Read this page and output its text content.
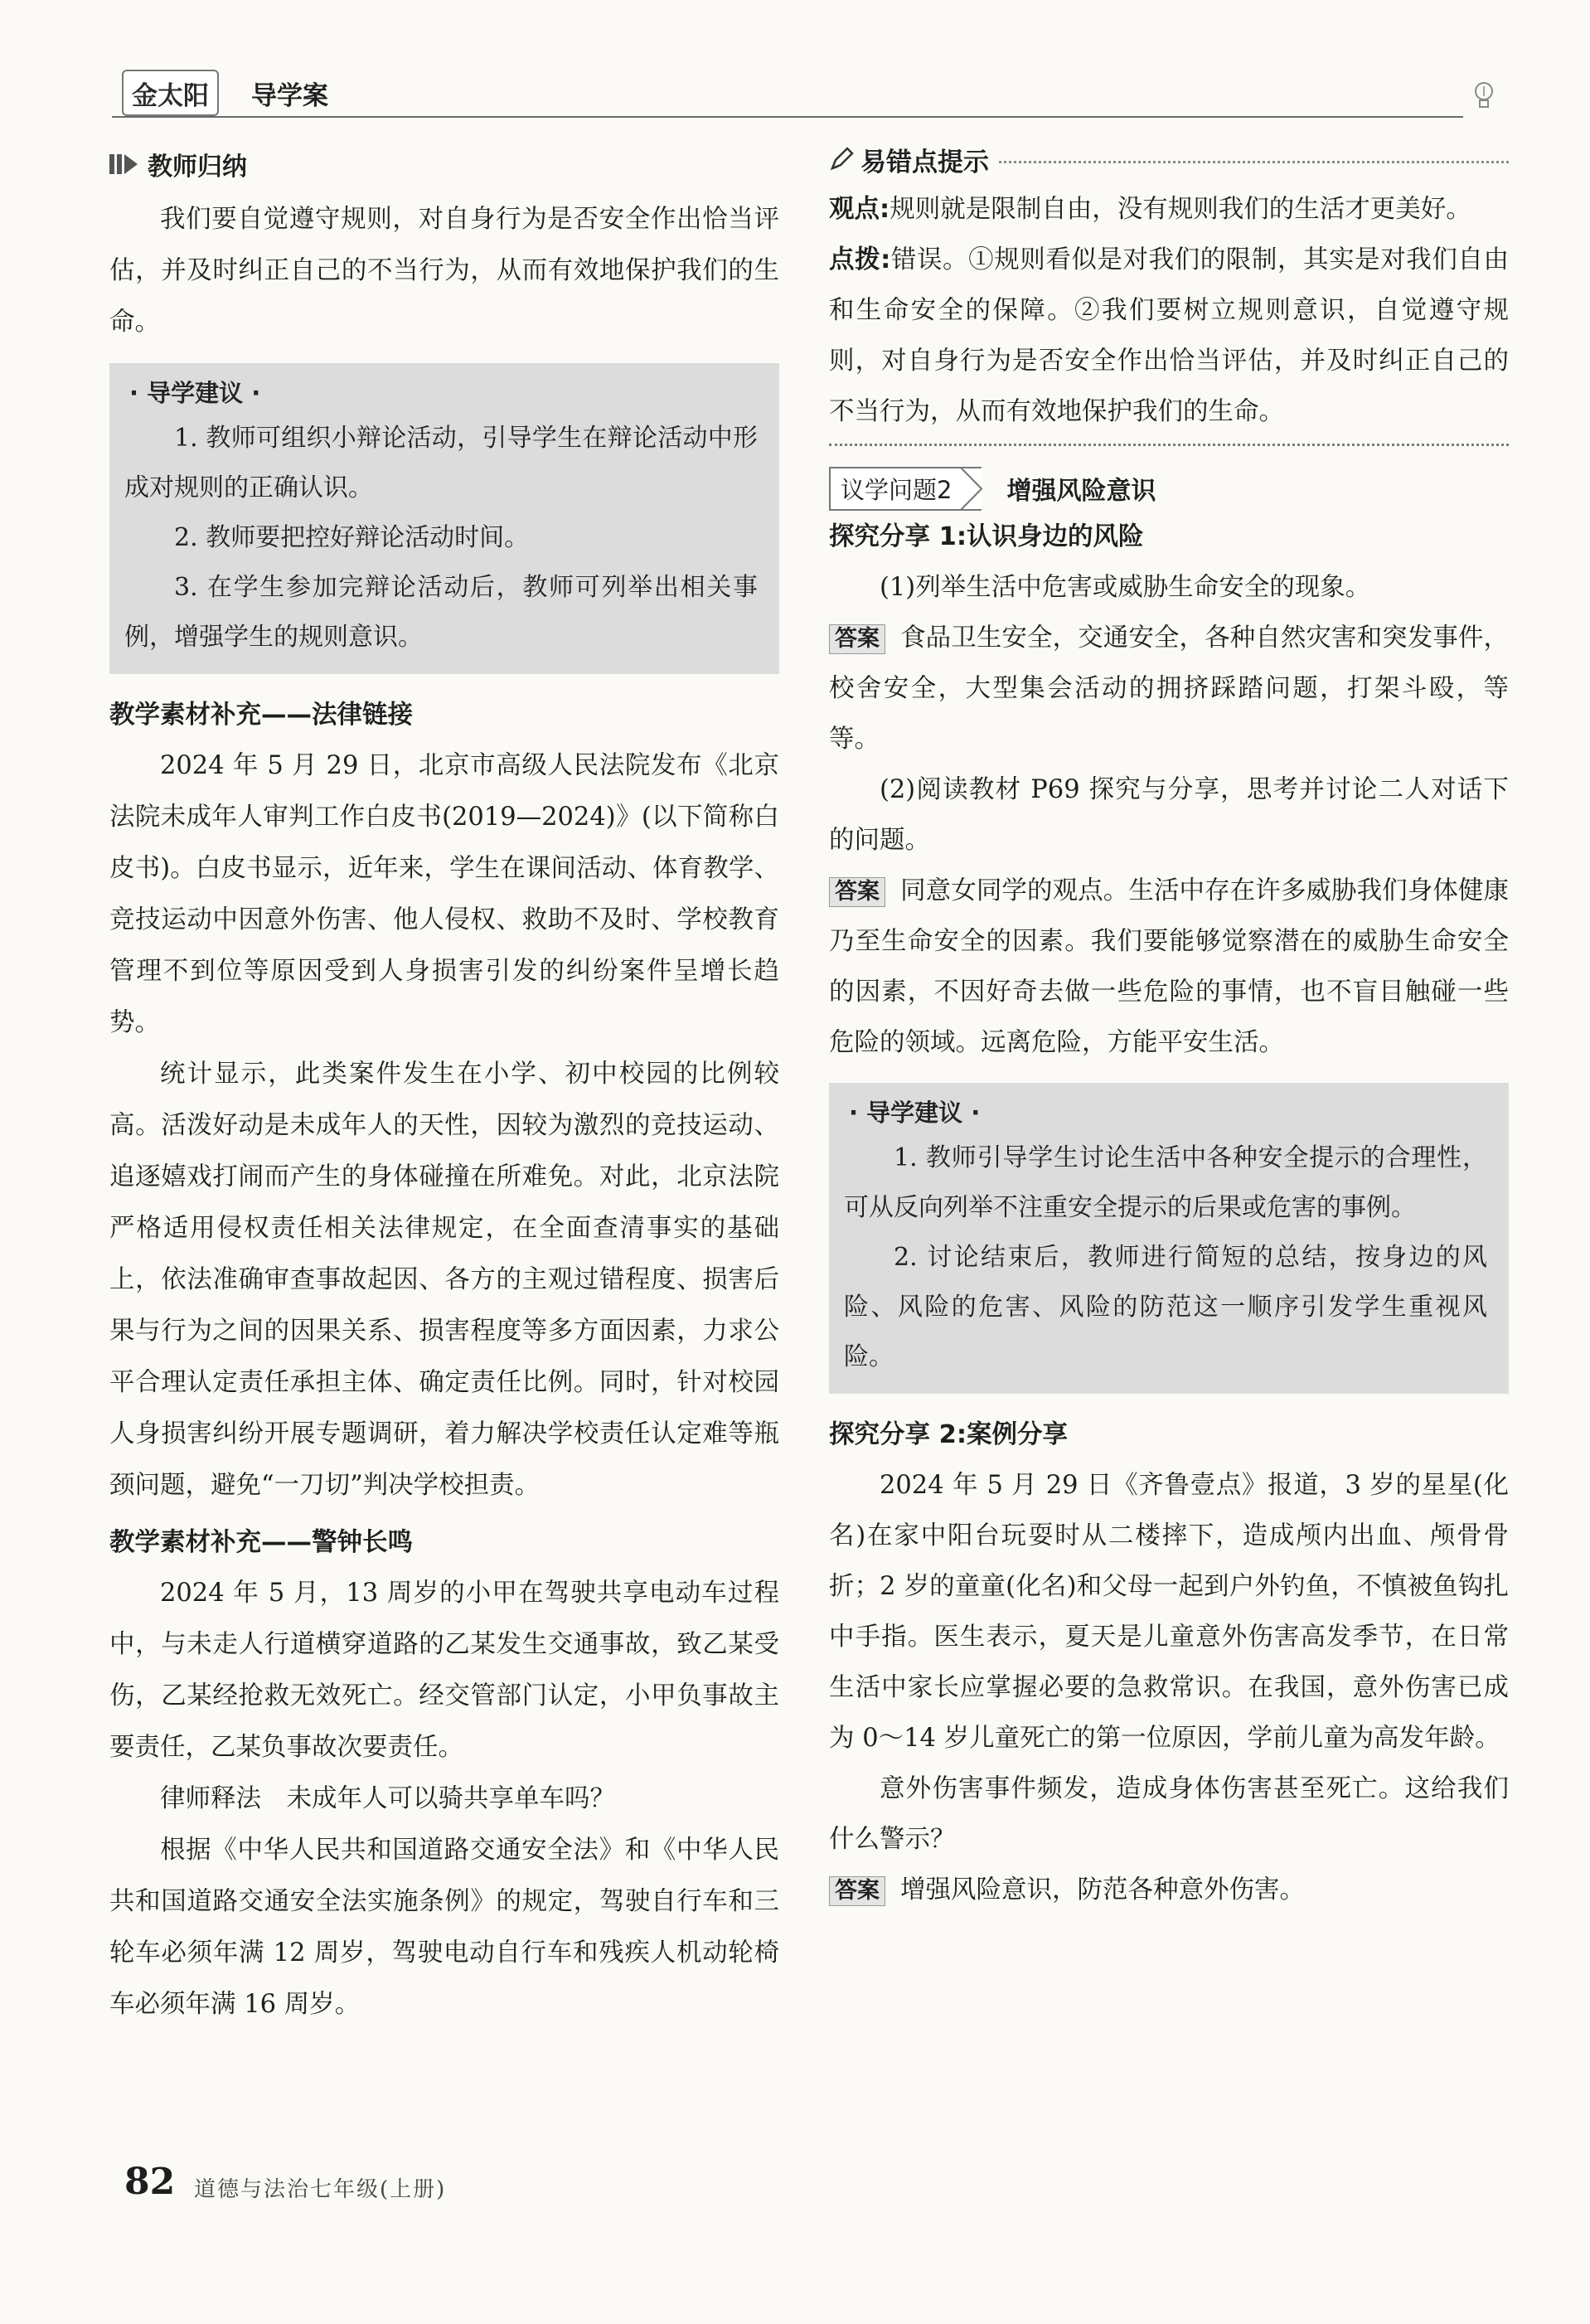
金太阳	导学案
教师归纳

我们要自觉遵守规则，对自身行为是否安全作出恰当评估，并及时纠正自己的不当行为，从而有效地保护我们的生命。

· 导学建议 ·

1. 教师可组织小辩论活动，引导学生在辩论活动中形成对规则的正确认识。

2. 教师要把控好辩论活动时间。

3. 在学生参加完辩论活动后，教师可列举出相关事例，增强学生的规则意识。

教学素材补充——法律链接

2024 年 5 月 29 日，北京市高级人民法院发布《北京法院未成年人审判工作白皮书(2019—2024)》(以下简称白皮书)。白皮书显示，近年来，学生在课间活动、体育教学、竞技运动中因意外伤害、他人侵权、救助不及时、学校教育管理不到位等原因受到人身损害引发的纠纷案件呈增长趋势。

统计显示，此类案件发生在小学、初中校园的比例较高。活泼好动是未成年人的天性，因较为激烈的竞技运动、追逐嬉戏打闹而产生的身体碰撞在所难免。对此，北京法院严格适用侵权责任相关法律规定，在全面查清事实的基础上，依法准确审查事故起因、各方的主观过错程度、损害后果与行为之间的因果关系、损害程度等多方面因素，力求公平合理认定责任承担主体、确定责任比例。同时，针对校园人身损害纠纷开展专题调研，着力解决学校责任认定难等瓶颈问题，避免“一刀切”判决学校担责。

教学素材补充——警钟长鸣

2024 年 5 月，13 周岁的小甲在驾驶共享电动车过程中，与未走人行道横穿道路的乙某发生交通事故，致乙某受伤，乙某经抢救无效死亡。经交管部门认定，小甲负事故主要责任，乙某负事故次要责任。

律师释法　未成年人可以骑共享单车吗？

根据《中华人民共和国道路交通安全法》和《中华人民共和国道路交通安全法实施条例》的规定，驾驶自行车和三轮车必须年满 12 周岁，驾驶电动自行车和残疾人机动轮椅车必须年满 16 周岁。

易错点提示

观点:规则就是限制自由，没有规则我们的生活才更美好。

点拨:错误。①规则看似是对我们的限制，其实是对我们自由和生命安全的保障。②我们要树立规则意识，自觉遵守规则，对自身行为是否安全作出恰当评估，并及时纠正自己的不当行为，从而有效地保护我们的生命。

议学问题2	增强风险意识
探究分享 1:认识身边的风险

(1)列举生活中危害或威胁生命安全的现象。

答案 食品卫生安全，交通安全，各种自然灾害和突发事件，校舍安全，大型集会活动的拥挤踩踏问题，打架斗殴，等等。

(2)阅读教材 P69 探究与分享，思考并讨论二人对话下的问题。

答案 同意女同学的观点。生活中存在许多威胁我们身体健康乃至生命安全的因素。我们要能够觉察潜在的威胁生命安全的因素，不因好奇去做一些危险的事情，也不盲目触碰一些危险的领域。远离危险，方能平安生活。

· 导学建议 ·

1. 教师引导学生讨论生活中各种安全提示的合理性，可从反向列举不注重安全提示的后果或危害的事例。

2. 讨论结束后，教师进行简短的总结，按身边的风险、风险的危害、风险的防范这一顺序引发学生重视风险。

探究分享 2:案例分享

2024 年 5 月 29 日《齐鲁壹点》报道，3 岁的星星(化名)在家中阳台玩耍时从二楼摔下，造成颅内出血、颅骨骨折；2 岁的童童(化名)和父母一起到户外钓鱼，不慎被鱼钩扎中手指。医生表示，夏天是儿童意外伤害高发季节，在日常生活中家长应掌握必要的急救常识。在我国，意外伤害已成为 0～14 岁儿童死亡的第一位原因，学前儿童为高发年龄。

意外伤害事件频发，造成身体伤害甚至死亡。这给我们什么警示？

答案 增强风险意识，防范各种意外伤害。

82 道德与法治七年级(上册)
